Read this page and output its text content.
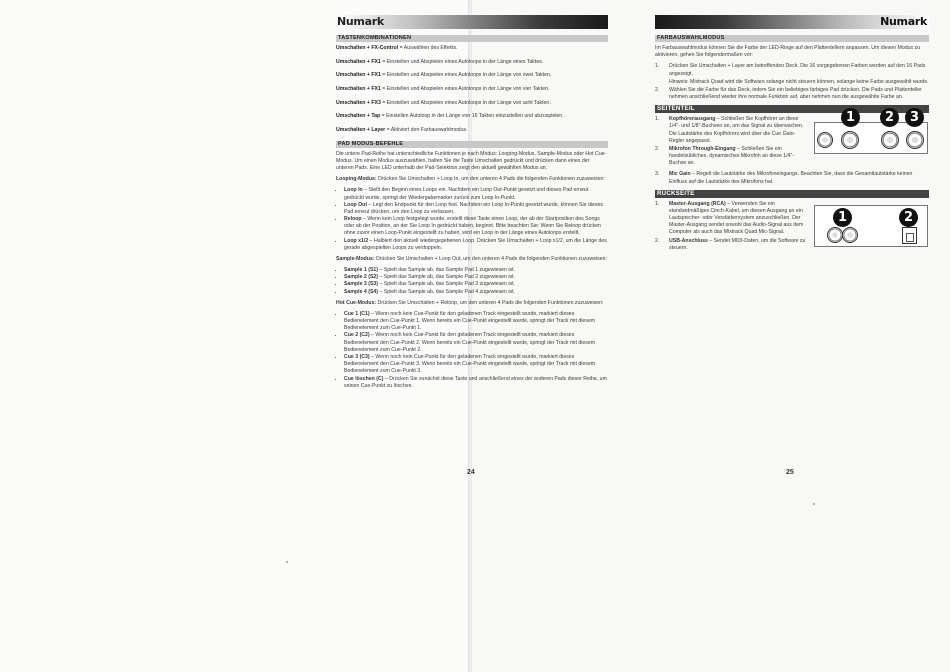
Numark
TASTENKOMBINATIONEN

Umschalten + FX-Control = Auswählen des Effekts.

Umschalten + FX1 = Einstellen und Abspielen eines Autoloops in der Länge eines Taktes.

Umschalten + FX1 = Einstellen und Abspielen eines Autoloops in der Länge von zwei Takten.

Umschalten + FX1 = Einstellen und Abspielen eines Autoloops in der Länge von vier Takten.

Umschalten + FX3 = Einstellen und Abspielen eines Autoloops in der Länge von acht Takten.

Umschalten + Tap = Einstellen Autoloop in der Länge von 16 Takten einzustellen und abzuspielen.

Umschalten + Layer = Aktiviert den Farbauswahlmodus.

PAD MODUS-BEFEHLE

Die untere Pad-Reihe hat unterschiedliche Funktionen je nach Modus: Looping-Modus, Sample-Modus oder Hot Cue-Modus. Um einen Modus auszuwählen, halten Sie die Taste Umschalten gedrückt und drücken dann eines der unteren Pads. Eine LED unterhalb der Pad-Selektion zeigt den aktuell gewählten Modus an.

Looping-Modus: Drücken Sie Umschalten + Loop In, um den unteren 4 Pads die folgenden Funktionen zuzuweisen:

• Loop In – Stellt den Beginn eines Loops ein. Nachdem ein Loop Out-Punkt gesetzt und dieses Pad erneut gedrückt wurde, springt der Wiedergabemarker zurück zum Loop In-Punkt.
• Loop Out – Legt den Endpunkt für den Loop fest. Nachdem ein Loop In-Punkt gesetzt wurde, können Sie dieses Pad erneut drücken, um den Loop zu verlassen.
• Reloop – Wenn kein Loop festgelegt wurde, erstellt diese Taste einen Loop, der ab der Startposition des Songs oder ab der Position, an der Sie Loop In gedrückt haben, beginnt. Bitte beachten Sie: Wenn Sie Reloop drücken ohne zuvor einen Loop-Punkt eingestellt zu haben, wird ein Loop in der Länge eines Autoloops erstellt.
• Loop x1/2 – Halbiert den aktuell wiedergegebenen Loop. Drücken Sie Umschalten + Loop x1/2, um die Länge des gerade abgespielten Loops zu verdoppeln.

Sample-Modus: Drücken Sie Umschalten + Loop Out, um den unteren 4 Pads die folgenden Funktionen zuzuweisen:

• Sample 1 (S1) – Spielt das Sample ab, das Sample Pad 1 zugewiesen ist.
• Sample 2 (S2) – Spielt das Sample ab, das Sample Pad 2 zugewiesen ist.
• Sample 3 (S3) – Spielt das Sample ab, das Sample Pad 3 zugewiesen ist.
• Sample 4 (S4) – Spielt das Sample ab, das Sample Pad 4 zugewiesen ist.

Hot Cue-Modus: Drücken Sie Umschalten + Reloop, um den unteren 4 Pads die folgenden Funktionen zuzuweisen:

• Cue 1 (C1) – Wenn noch kein Cue-Punkt für den geladenen Track eingestellt wurde, markiert dieses Bedienelement den Cue-Punkt 1. Wenn bereits ein Cue-Punkt eingestellt wurde, springt der Track mit diesem Bedienelement zum Cue-Punkt 1.
• Cue 2 (C2) – Wenn noch kein Cue-Punkt für den geladenen Track eingestellt wurde, markiert dieses Bedienelement den Cue-Punkt 2. Wenn bereits ein Cue-Punkt eingestellt wurde, springt der Track mit diesem Bedienelement zum Cue-Punkt 2.
• Cue 3 (C3) – Wenn noch kein Cue-Punkt für den geladenen Track eingestellt wurde, markiert dieses Bedienelement den Cue-Punkt 3. Wenn bereits ein Cue-Punkt eingestellt wurde, springt der Track mit diesem Bedienelement zum Cue-Punkt 3.
• Cue löschen (C) – Drücken Sie zunächst diese Taste und anschließend eines der anderen Pads dieser Reihe, um seinen Cue-Punkt zu löschen.
Numark
FARBAUSWAHLMODUS

Im Farbauswahlmodus können Sie die Farbe der LED-Ringe auf den Plattentellern anpassen. Um diesen Modus zu aktivieren, gehen Sie folgendermaßen vor:

1.	Drücken Sie Umschalten + Layer am betreffenden Deck. Die 16 vorgegebenen Farben werden auf den 16 Pads angezeigt.
Hinweis: Mixtrack Quad wird die Software solange nicht steuern können, solange keine Farbe ausgewählt wurde.
2.	Wählen Sie die Farbe für das Deck, indem Sie ein beliebiges farbiges Pad drücken. Die Pads und Plattenteller nehmen anschließend wieder ihre normale Funktion auf, aber nehmen nun die ausgewählte Farbe an.
SEITENTEIL
1.	Kopfhörerausgang – Schließen Sie Kopfhörer an diese 1/4"- und 1/8"-Buchsen an, um das Signal zu überwachen. Die Lautstärke des Kopfhörers wird über die Cue Gain-Regler angepasst.
2.	Mikrofon Through-Eingang – Schließen Sie ein handelsübliches, dynamisches Mikrofon an diese 1/4"-Buchse an.
1	2	3
3.	Mic Gain – Regelt die Lautstärke des Mikrofoneingangs. Beachten Sie, dass die Gesamtlautstärke keinen Einfluss auf die Lautstärke des Mikrofons hat.
RÜCKSEITE
1.	Master-Ausgang (RCA) – Verwenden Sie ein standardmäßiges Cinch-Kabel, um diesen Ausgang an ein Lautsprecher- oder Verstärkersystem anzuschließen. Der Master-Ausgang sendet sowohl das Audio-Signal aus dem Computer als auch das Mixtrack Quad Mic-Signal.
2.	USB-Anschluss – Sendet MIDI-Daten, um die Software zu steuern.
1	2
24	25
